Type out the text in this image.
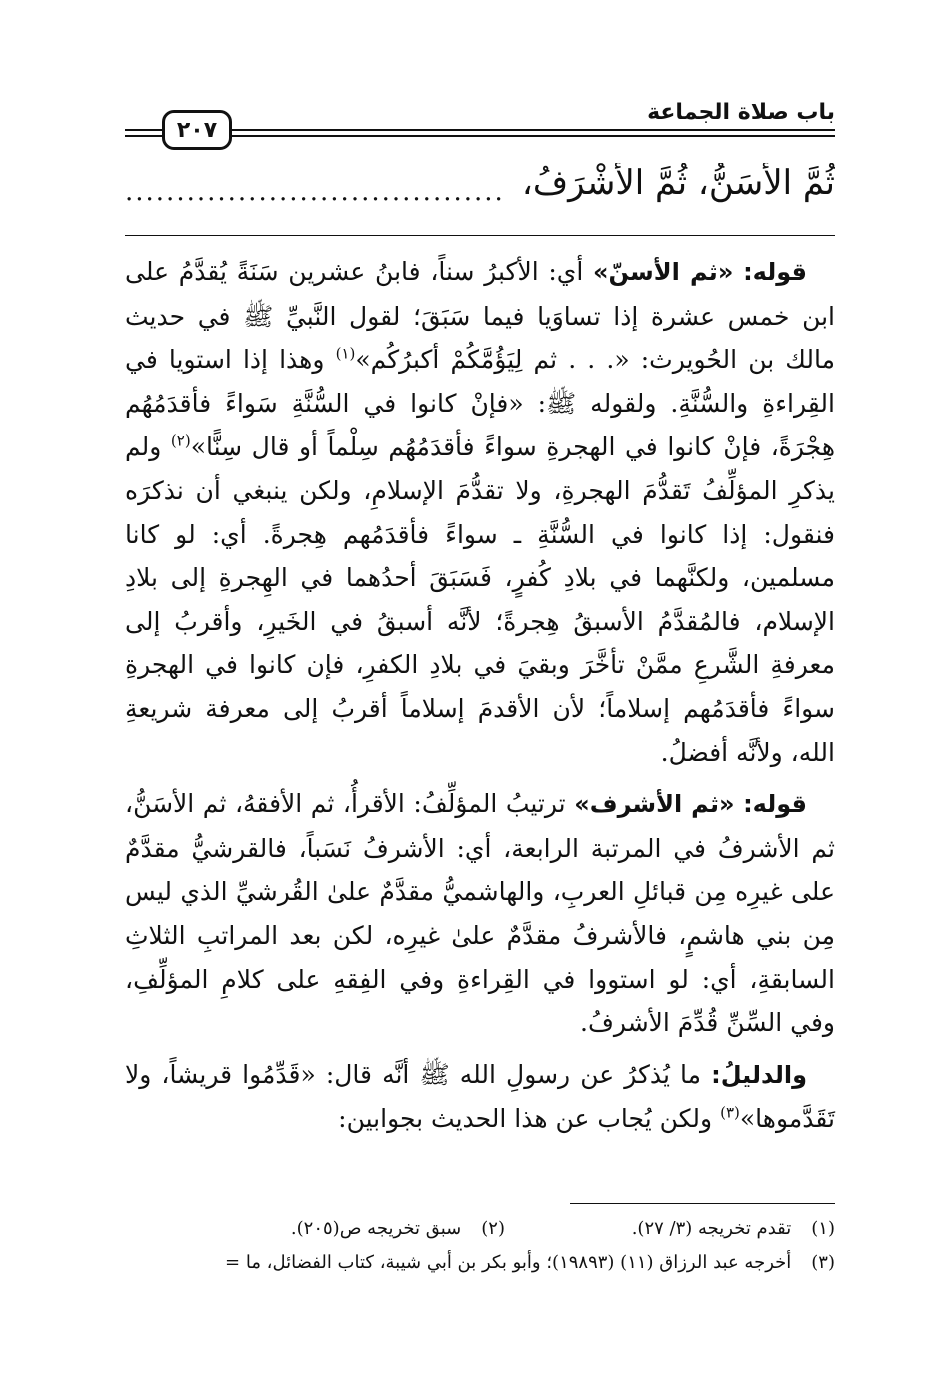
باب صلاة الجماعة
٢٠٧
ثُمَّ الأَسَنُّ، ثُمَّ الأَشْرَفُ،
.....................................

قوله: «ثم الأسنّ» أي: الأكبرُ سناً، فابنُ عشرين سَنَةً يُقدَّمُ على ابن خمس عشرة إذا تساوَيا فيما سَبَقَ؛ لقول النَّبيِّ ﷺ في حديث مالك بن الحُويرث: «. . . ثم لِيَؤُمَّكُمْ أكبرُكُم»$^{(١)}$ وهذا إذا استويا في القِراءةِ والسُّنَّةِ. ولقوله ﷺ: «فإنْ كانوا في السُّنَّةِ سَواءً فأقدَمُهُم هِجْرَةً، فإنْ كانوا في الهجرةِ سواءً فأقدَمُهُم سِلْماً أو قال سِنًّا»$^{(٢)}$ ولم يذكرِ المؤلِّفُ تَقدُّمَ الهجرةِ، ولا تقدُّمَ الإسلامِ، ولكن ينبغي أن نذكرَه فنقول: إذا كانوا في السُّنَّةِ ـ سواءً فأقدَمُهم هِجرةً. أي: لو كانا مسلمين، ولكنَّهما في بلادِ كُفرٍ، فَسَبَقَ أحدُهما في الهِجرةِ إلى بلادِ الإسلام، فالمُقدَّمُ الأسبقُ هِجرةً؛ لأنَّه أسبقُ في الخَيرِ، وأقربُ إلى معرفةِ الشَّرعِ ممَّنْ تأخَّرَ وبقيَ في بلادِ الكفرِ، فإن كانوا في الهجرةِ سواءً فأقدَمُهم إسلاماً؛ لأن الأقدمَ إسلاماً أقربُ إلى معرفة شريعةِ الله، ولأنَّه أفضلُ.

قوله: «ثم الأشرف» ترتيبُ المؤلِّفُ: الأقرأُ، ثم الأفقهُ، ثم الأسَنُّ، ثم الأشرفُ في المرتبة الرابعة، أي: الأشرفُ نَسَباً، فالقرشيُّ مقدَّمٌ على غيرِه مِن قبائلِ العربِ، والهاشميُّ مقدَّمٌ علىٰ القُرشيِّ الذي ليس مِن بني هاشمٍ، فالأشرفُ مقدَّمٌ علىٰ غيرِه، لكن بعد المراتبِ الثلاثِ السابقةِ، أي: لو استووا في القِراءةِ وفي الفِقهِ على كلامِ المؤلِّفِ، وفي السِّنِّ قُدِّمَ الأشرفُ.

والدليلُ: ما يُذكرُ عن رسولِ الله ﷺ أنَّه قال: «قَدِّمُوا قريشاً، ولا تَقَدَّموها»$^{(٣)}$ ولكن يُجاب عن هذا الحديث بجوابين:

(١) تقدم تخريجه (٣/ ٢٧).
(٢) سبق تخريجه ص(٢٠٥).
(٣) أخرجه عبد الرزاق (١١) (١٩٨٩٣)؛ وأبو بكر بن أبي شيبة، كتاب الفضائل، ما =
